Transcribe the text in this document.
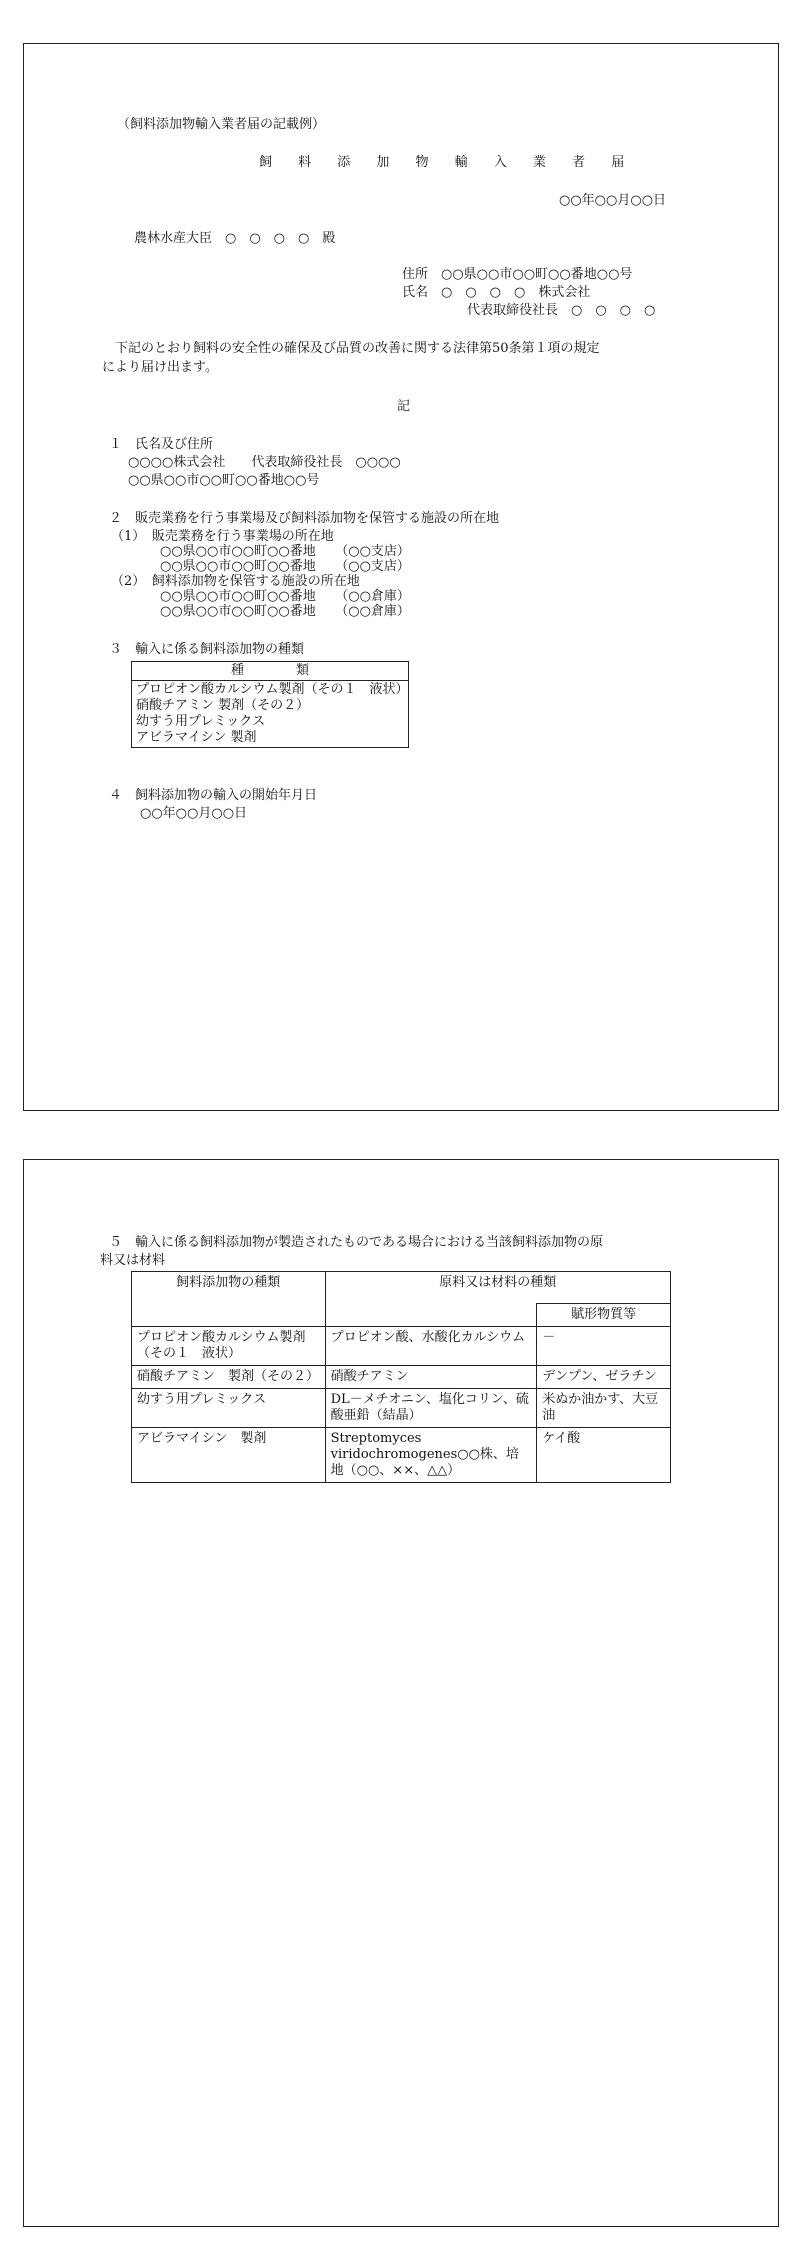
（飼料添加物輸入業者届の記載例）
飼 料 添 加 物 輸 入 業 者 届
○○年○○月○○日
農林水産大臣　○　○　○　○　殿
住所　○○県○○市○○町○○番地○○号
氏名　○　○　○　○　株式会社
代表取締役社長　○　○　○　○
　下記のとおり飼料の安全性の確保及び品質の改善に関する法律第50条第１項の規定
により届け出ます。
記
１　氏名及び住所
○○○○株式会社　　代表取締役社長　○○○○
○○県○○市○○町○○番地○○号
２　販売業務を行う事業場及び飼料添加物を保管する施設の所在地
（1）　販売業務を行う事業場の所在地
○○県○○市○○町○○番地　　（○○支店）
○○県○○市○○町○○番地　　（○○支店）
（2）　飼料添加物を保管する施設の所在地
○○県○○市○○町○○番地　　（○○倉庫）
○○県○○市○○町○○番地　　（○○倉庫）
３　輸入に係る飼料添加物の種類
種　　　　類

プロピオン酸カルシウム製剤（その１　液状）
硝酸チアミン 製剤（その２）
幼すう用プレミックス
アビラマイシン 製剤
４　飼料添加物の輸入の開始年月日
○○年○○月○○日
５　輸入に係る飼料添加物が製造されたものである場合における当該飼料添加物の原
料又は材料
飼料添加物の種類	原料又は材料の種類	
		賦形物質等
プロピオン酸カルシウム製剤（その１　液状）	プロピオン酸、水酸化カルシウム	－
硝酸チアミン　製剤（その２）	硝酸チアミン	デンプン、ゼラチン
幼すう用プレミックス	DL－メチオニン、塩化コリン、硫酸亜鉛（結晶）	米ぬか油かす、大豆油
アビラマイシン　製剤	Streptomyces viridochromogenes○○株、培地（○○、××、△△）	ケイ酸
